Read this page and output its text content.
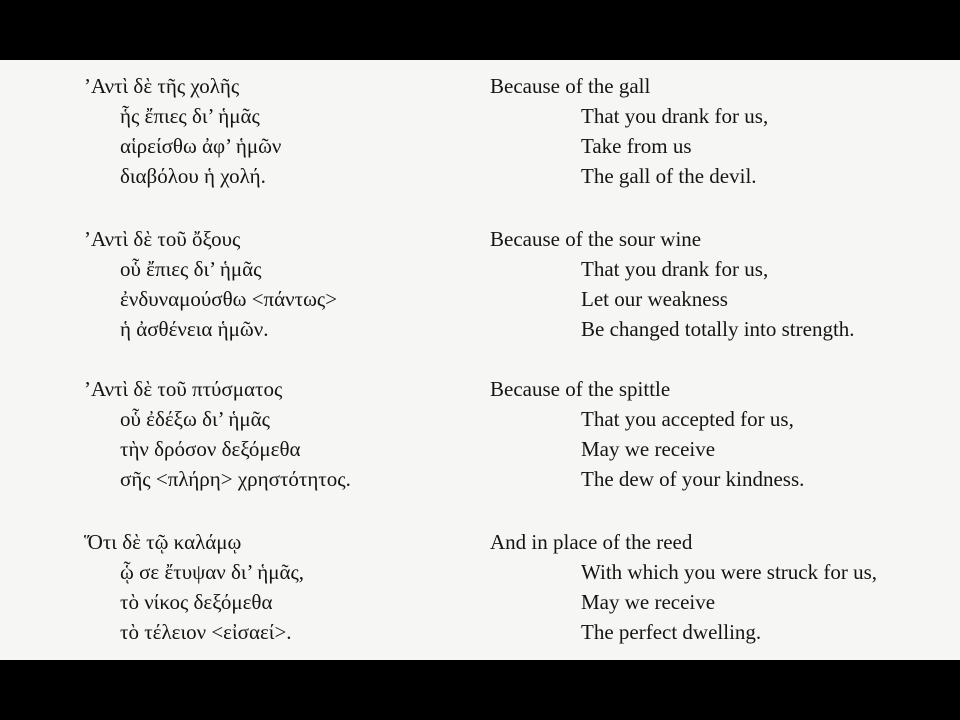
ʼΑντὶ δὲ τῆς χολῆς
ἧς ἔπιες δι’ ἡμᾶς
αἱρείσθω ἀφ’ ἡμῶν
διαβόλου ἡ χολή.
Because of the gall
That you drank for us,
Take from us
The gall of the devil.
ʼΑντὶ δὲ τοῦ ὄξους
οὗ ἔπιες δι’ ἡμᾶς
ἐνδυναμούσθω <πάντως>
ἡ ἀσθένεια ἡμῶν.
Because of the sour wine
That you drank for us,
Let our weakness
Be changed totally into strength.
ʼΑντὶ δὲ τοῦ πτύσματος
οὗ ἐδέξω δι’ ἡμᾶς
τὴν δρόσον δεξόμεθα
σῆς <πλήρη> χρηστότητος.
Because of the spittle
That you accepted for us,
May we receive
The dew of your kindness.
Ὅτι δὲ τῷ καλάμῳ
ᾧ σε ἔτυψαν δι’ ἡμᾶς,
τὸ νίκος δεξόμεθα
τὸ τέλειον <εἰσαεί>.
And in place of the reed
With which you were struck for us,
May we receive
The perfect dwelling.
